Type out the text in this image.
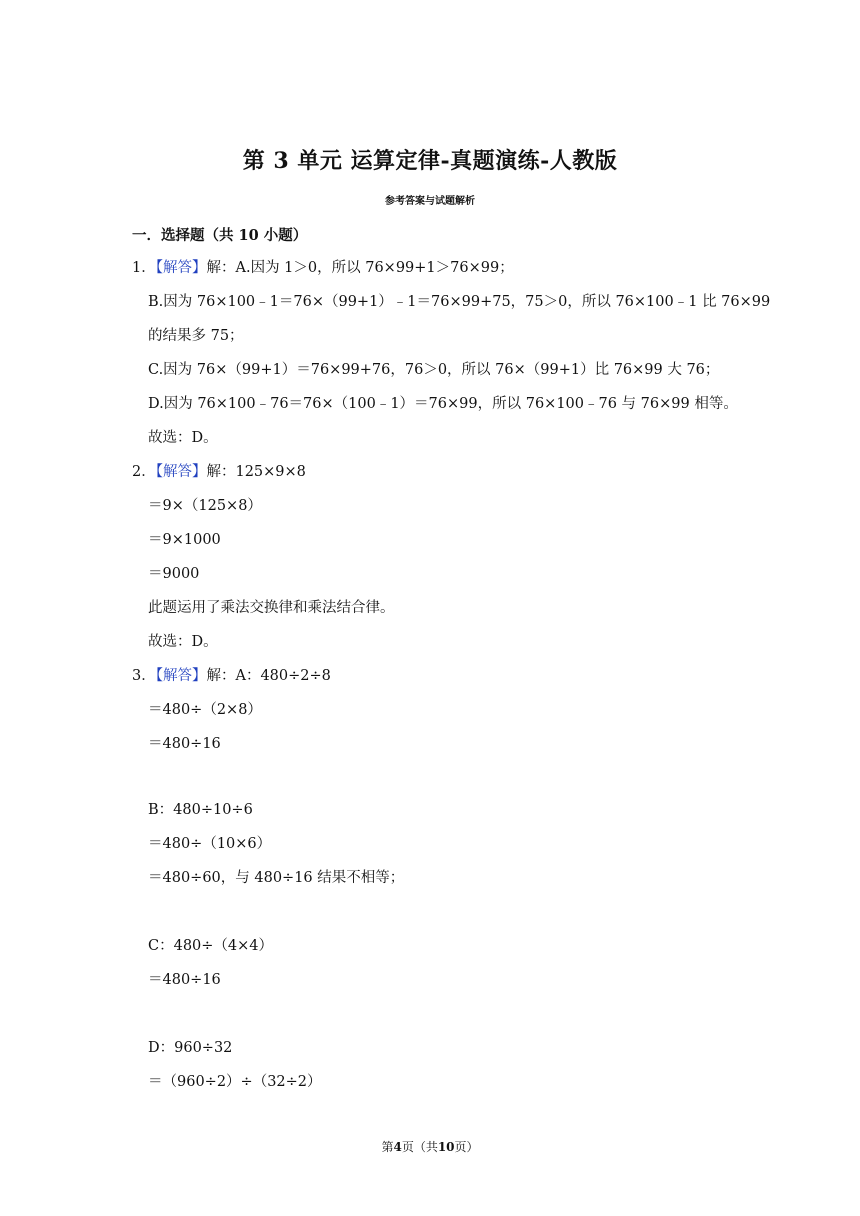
第 3 单元 运算定律-真题演练-人教版
参考答案与试题解析
一．选择题（共 10 小题）
1．【解答】解：A.因为 1＞0，所以 76×99+1＞76×99；
B.因为 76×100﹣1＝76×（99+1）﹣1＝76×99+75，75＞0，所以 76×100﹣1 比 76×99
的结果多 75；
C.因为 76×（99+1）＝76×99+76，76＞0，所以 76×（99+1）比 76×99 大 76；
D.因为 76×100﹣76＝76×（100﹣1）＝76×99，所以 76×100﹣76 与 76×99 相等。
故选：D。
2．【解答】解：125×9×8
＝9×（125×8）
＝9×1000
＝9000
此题运用了乘法交换律和乘法结合律。
故选：D。
3．【解答】解：A：480÷2÷8
＝480÷（2×8）
＝480÷16
B：480÷10÷6
＝480÷（10×6）
＝480÷60，与 480÷16 结果不相等；
C：480÷（4×4）
＝480÷16
D：960÷32
＝（960÷2）÷（32÷2）
第4页（共10页）
